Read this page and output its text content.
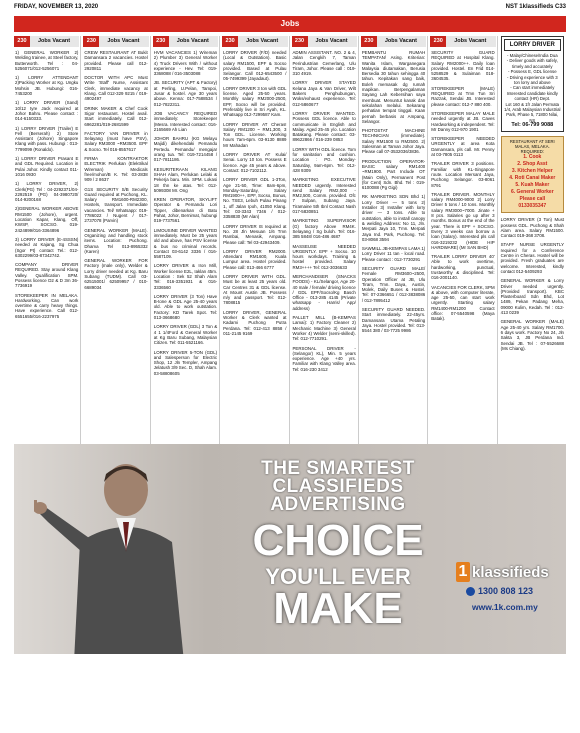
FRIDAY, NOVEMBER 13, 2020	NST 1klassifieds C33
Jobs
230	Jobs Vacant
1) GENERAL WORKER 2) Welding trainee, at Steel factory, Butterworth. Tel : 04-5256071/012-5256071
1) LORRY ATTENDANT 2)Packing Worker at Kg. Ungku Mohsin JB. Hubungi: 016-7453200
1) LORRY DRIVER (Sand) 10/12 tyre Jack required at Johor Bahru. Please contact : 014-6150333.
1) LORRY DRIVER (Trailer) E Fell (Berserah) 2) Store Assistant (Johore) Singapore Klang with pass. Hubungi : 013-7799099 (Ronaldo).
1) LORRY DRIVER Prasant E and GDL Required. Location in Pulai Johor. Kindly contact 011-1016 0930
1) LORRY DRIVER, 2) Clerk(PG) Tel : 04-2292371/04-2292519 (PG) 04-3980720/ 014-9200168
2)GENERAL WORKER ABOVE RM1500 (Johore), urgent. Location Kapar, Klang, Off, KWSP, SOCSO. 019-2424899/016-3364896
3) LORRY DRIVER (E-4SSSN) needed at Kajang, Sg Chua (Sgor Pt) contact Tel.: 012-6302299/03-87342742.
COMPANY DRIVER REQUIRED. Stay around Klang Valley. Qualification SPM. Possess licence D2 & D 3m 36-7736919
STOREKEEPER IN MELAKA. Hardworking. Can work overtime & carry heavy things. Have experience. Call 012-6551655/016-2237975
230	Jobs Vacant
CREW RESTAURANT AT Bukit Damansara 2 vacancies. Hostel provided. Please call 012-2920811
DOCTOR WITH APC Must Write 'Staff' Nurse, Assistant Clerk, immediate vacancy at Klang. Call 012-329 9215 / 019-4902497
DRINK MAKER & Chef Cook Sigor restaurant. Hostel avail. Start immediately. Call 012-6962281/019-2681599
FACTORY VAN DRIVER in Selayang (must have PSV), Salary RM3000 ~RM3500. EPF & Socso. Tel 016-8557617
FIRMA KONTRAKTOR ELECTRIK Perlukan (Elektrikal Wireman) Medicals free/mohon/B K. Tel: 03-2838 909 / 2 8637
G1S SECURITY S/B Security Guard required at Puchong, KL. Salary RM1600-RM2300, Hostels, transport. Immediate vacancies. Tel/ Whatsapp: 019-7786022 / Nugent / 017-2737078 (Parvin)
GENERAL WORKER (MALE). Organizing and handling stock items. Location: Puchong. Dhama Tel 013-8955332 (Karen)
GENERAL WORKER FOR Factory (male only), Welder & Lorry driver needed at Kg. Baru Subang (TUDM). Call 03-62515001/ 62509957 / 010-6689034
230	Jobs Vacant
HVM VACANCIES 1) Wireman 2) Plumber 3) General Worker 4) Truck Drivers With / without experience - Hev. Tel: 019-3368088 / 016-3503088
JB. SECURITY (APT & Factory) at Perling, U.Pelan, Tampoi, Jusar & hostel. Age 30 years above. Kenna: 017-7588534 / 012-7822311.
JOB VACANCY REQUIRED immediately: Storekeeper (Mesra. Interested contact: 016-2165669 Ah Lian
JOHOR BAHRU (KG Melayu Majidi) dikehendaki Pemandu Pertedu. Pemandu/ mengajar orang tua. Tel: 019-7214458 / 017-7811186.
KESURITERAAN KILANG SHAH Alam, Perlukan Lelaki & Pekerja baru. Min. SPM. Lokasi 18 thn ke atas. Tel: 012-5099308 Mr. Ong
KREN OPERATOR, SKYLIFT Operator & Pemandu Lori Tipper, dibenarkan di Batu Pahat, Johor, Bernimat, hubungi 019-7737561
LIMOUSINE DRIVER WANTED immediately. Must be 25 years old and above, has PSV license & bus no criminal records. Contact 03-6142 3336 / 016-5587109.
LORRY DRIVER & Iron Mill, Worker license E2L, Iaklan 45m. Location : Sek 52 Shah Alam Tel: 016-3351931 & 016-3336560
LORRY DRIVER (3 Ton) Have B-tone & GDL Age 25-40 years old. Able to work outstation. Factory: KD Tarek Spot. Tel: 013-3668680
LORRY DRIVER (GDL) 3 Ton & 4 1 1/4Ford & General Worker at Kg Baru Subang, Malaysian Citizen. Tel: 011-5521166.
LORRY DRIVER 5-TON (GDL) and Salesperson for Electric Shop, 12 Jln Templer, Ampang Jelatush 3/9 Sec. D, Shah Alam. 03-58808605
230	Jobs Vacant
LORRY DRIVER (F/D) needed (Local & Outstation). Basic salary RM1500, EPF & Socso provided. Based at Pulau Selangor. Call 012-6543500 / 05-7499399 (Jayadaut).
LORRY DRIVER 3 ton with GDL license. Aged 25-50 years. Monthly salary RM2000-2500, EPF, Socso will be provided. Preferably live in Sri Ayah, KL. Whatsapp 012-7299587 Kam.
LORRY DRIVER AT Cheras! Salary RM1200 ~ RM1,300, 3 Ton GDL. License. Working hours 7am-6pm. 03-9130 8889 Mr Mahadan
LORRY DRIVER AT Kulai/ Senai. Lorry 10 ton. Possess E licence. Age 45 years & above. Contact: 012-7102112.
LORRY DRIVER GDL 1-3Ton, Age 21-50, Time: 8am-6pm, Monday-Saturday, Salary RM1900++, EPF, Socso, Bonus, No. TSE3, Lebuh Pulau Pinang 1, off Jalan Ipoh, 41050 Klang. Tel: 03-3343 7346 / 012-3358830 (Mr Alan)
LORRY DRIVER IS required at No. 28 Jln Mesuan 1/6 Tmn Rambai, Menasik, Ampang. Please call: Tel 03-42943409.
LORRY DRIVER RM2000. Attendant RM1600, Kuala Lumpur area. Hostel provided. Please call: 013-466 6777
LORRY DRIVER WITH GDL. Must be at least 25 years old. Car Centres 31 & GDL license. At Mount Austin JB. Possess m/y and passport. Tel: 012-7808815
LORRY DRIVER, GENERAL Worker & Clerk wanted at Kadami Puchong Putra Perdana. Tel: 012-413 8858 / 011-2145 9169
230	Jobs Vacant
ADMIN ASSISTANT. NO. 2 & 4, Jalan Cengkih 7, Taman Perindustrian Cemerlang, Ulu Tiram, Johor. Please call : 019-310 4919.
LORRY DRIVER STAYED Kelana Jaya & Van Driver, Wilt Bakers Penghubungan, Woks/exhaust experience. Tel: 012-5860677
LORRY DRIVER WANTED. Possess GDL licence. Able to communicate in English and Malay. Aged 25-45 y/o. Location Batakang. Please contact: 03-89622866 / 016-239 0853
LORRY WITH GDL licence. Tom for sanitation and cushion. Location : PG. Monday-Saturday, 9am-6pm. Tel: 012-428 9309
MARKETING EXECUTIVE NEEDED urgently. Interested send Salary RM2,000 - RM2,500, Comm. provided. Ofc 7 Sulpan, Subang Jaya. Tiramaine 5th Ibnl Contact Nash 017-5830851
MARKETING SUPERVISOR (G) factory Above RM4K. Selayang / Sg buloh. Tel: 016-385 5848/ 016-486 4687
MASSEUSE NEEDED URGENTLY. EPF + Socso. 10 hours workdays. Training & hostel provided. Salary RM3++++ Tel: 012-3036633
MERCHANDISER (SNACKS FOODS) - KL/Selangor, Age 20-40 male / female/ driving licence / GDL EPF/Socso/Kg Basch Office - 013-285 4145 (Private whatsapp - Harris/ App/ address)
PALLET MILL (B-KEMPAS Lamai): 1) Factory Cleaner 2) Mechanic Machine 3) General Worker 4) Welder (semi-skilled). Tel: 012-7710291.
PERSONAL DRIVER - (Selangor) KL), Min. 5 years experience. Age +40 yrs. Familiar with Klang Valley area. Tel: 016-230 3412
230	Jobs Vacant
PEMBANTU RUMAH TEMPATAN/ Asing. Kriterian: Wanita Islam, Warganegara Malaysia diutamakan, Berusia Bersedia 30 tahun sehingga 40 tahun. Kepitakan sang baik, Boleh memasak dg rumah mapikan. Berpengalaman Sayang Lah Kebersihan saya membuat. Menuntut kanak dan sekolahan melalui. Sekarang perhatian tempat tinggal. Kaan pernah berbasis at Ampang, Selangor.
PHOTOSTAT MACHINE TECHNICIAN (immediate). Salary RM1500 to RM2500. 2) Salesman at Taman Johor Jaya. Please call 07-3532036/3836.
PRODUCTION OPERATOR-BASIC salary RM1400 ~RM1900. Part Include OT (Main Only), Permanent Post (for Cent) Sdn. Bhd. Tel : 019-6100088 (Pg Gigi)
RK MARKETING SDN Bhd 1) Lorry Driver — 5 tons 2) Installer 3) Installer with lorry driver — 3 tons. Able to outstation, able to install canopy & welding Address: No 11, Jln. Merpati Jaya 10, Tmn. Merpati Jaya Ind. Park, Puchong. Tel: 03-8068 3594
SAWMILL JB-KEMPAS LAMA 1) Lorry Driver 11 tan - local road. Please contact : 012-7730291
SECURITY GUARD MALE/ Female RM3600~2500, Operation Officer at JB, Ulu Tiram, Tmn. Daya, Austin, Molek, Daily Buses & Hostel. Tel: 07-2366651 / 012-3838086 / 012-7895412
SECURITY GUARD NEEDED. Start immediately. 22-45yrs. Damansara Utama Petaling Jaya. Hostel provided. Tel: 013-5544 380 / 03-7725 9986
230	Jobs Vacant
SECURITY GUARD REQUIRED at Hospital Klang. Salary RM2000++. Daily loan provided. Hostel. En Frid 014-5258529 & Sulaiman 018-3604535.
STOREKEEPER (MALE) REQUIRED at Tmn Tun Sri Razzak, Sendai JB. Interested please contact: 012-7 880 400.
STOREKEEPER MALAY MALE needed urgently at JB. Caves Hardworking & independent. Tel: Mr Danny 012-970 1901
STOREKEEPER NEEDED URGENTLY at area Kota Damansara, pls call. Mr. Penny at 03-7805 0113
TRAILER DRIVER 3 positions. Familiar with KL-Singapore route. Location Mersant Jaya, Puchong Selangor. 03-8061 8791
TRAILER DRIVER. MONTHLY salary RM4000-9000 2) Lorry Driver 5 tons / 10 tons. Monthly salary RM3000~7000. Jinate + 8 pcs. Salaries go up after 3 months. Bonus at the end of the year. There is EPF + SOCSO. Every 3 weeks can borrow a loan (Salary). Interested pls call 016-3219232 (HIDE HIP HARDWARE) (Mr SAN BHD)
TRAILER LORRY DRIVER 40' Able to work overtime, hardworking, punctual, trustworthy & disciplined. Tel: 016-2001140.
VACANCIES FOR CLERK, SPM & above, with computer literate, age 25-50, can start work urgently. Starting salary RM1400-RM1200 Contact office: 07-5540598 (Maya Batak).
LORRY DRIVER
- Malay/Chinese/India Dua
- Deliver goods with safely, timely and accurately
- Possess E, GDL license
- Driving experience with 3 ton lorry and above
- Can start immediately
Interested candidate kindly contact (HR) Dept.
Lot 160 & 1fr Jalan Permata 1/4, Arab Malaysian Industrial Park, Phase 5, 71800 Nilai, NS
Tel: 06-799 9088
RESTAURANT AT SERI MALAS, MELAKA. REQUIRED:
1. Cook
2. Shop Asst
3. Kitchen Helper
4. Roti Canai Maker
5. Kuah Maker
6. General Worker
Please call
0133035347
LORRY DRIVER (3 Ton) Must possess GDL. Puchong & Shah Alam area. Salary RM1500. Contact 019-368 3708.
STAFF NURSE URGENTLY required for a Conference Centre in Cheras. Hostel will be provided. Fresh graduates are welcome. Interested, kindly contact 012-5409293
GENERAL WORKER & Lorry Driver needed urgently. (Provided transport). KBC Plasterboard Sdn Bhd, Lot 1489, Pekan Padang Meha, 09000 Kulim, Kedah. Tel : 012-413 0239
GENERAL WORKER (MALE) Age 25-40 yrs. Salary RM1700. 6 days work. Factory No 24, Jln Sakta 3, JB Perdana Ind. Sendai JB. Tel : 07-5526688 (Ms Chiang).
THE SMARTEST
CLASSIFIEDS
ADVERTISING
CHOICE
YOU'LL EVER
MAKE
1 klassifieds
1300 808 123
www.1k.com.my
